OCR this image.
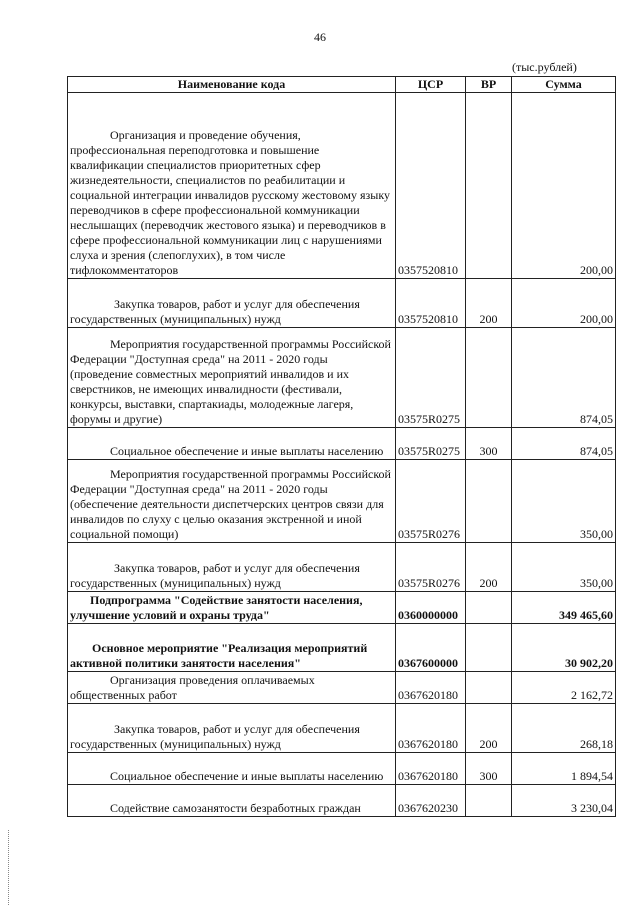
46
(тыс.рублей)
Наименование кода	ЦСР	ВР	Сумма
Организация и проведение обучения, профессиональная переподготовка и повышение квалификации специалистов приоритетных сфер жизнедеятельности, специалистов по реабилитации и социальной интеграции инвалидов русскому жестовому языку переводчиков в сфере профессиональной коммуникации неслышащих (переводчик жестового языка) и переводчиков в сфере профессиональной коммуникации лиц с нарушениями слуха и зрения (слепоглухих), в том числе тифлокомментаторов	0357520810		200,00
Закупка товаров, работ и услуг для обеспечения государственных (муниципальных) нужд	0357520810	200	200,00
Мероприятия государственной программы Российской Федерации "Доступная среда" на 2011 - 2020 годы (проведение совместных мероприятий инвалидов и их сверстников, не имеющих инвалидности (фестивали, конкурсы, выставки, спартакиады, молодежные лагеря, форумы и другие)	03575R0275		874,05
Социальное обеспечение и иные выплаты населению	03575R0275	300	874,05
Мероприятия государственной программы Российской Федерации "Доступная среда" на 2011 - 2020 годы (обеспечение деятельности диспетчерских центров связи для инвалидов по слуху с целью оказания экстренной и иной социальной помощи)	03575R0276		350,00
Закупка товаров, работ и услуг для обеспечения государственных (муниципальных) нужд	03575R0276	200	350,00
Подпрограмма "Содействие занятости населения, улучшение условий и охраны труда"	0360000000		349 465,60
Основное мероприятие "Реализация мероприятий активной политики занятости населения"	0367600000		30 902,20
Организация проведения оплачиваемых общественных работ	0367620180		2 162,72
Закупка товаров, работ и услуг для обеспечения государственных (муниципальных) нужд	0367620180	200	268,18
Социальное обеспечение и иные выплаты населению	0367620180	300	1 894,54
Содействие самозанятости безработных граждан	0367620230		3 230,04
